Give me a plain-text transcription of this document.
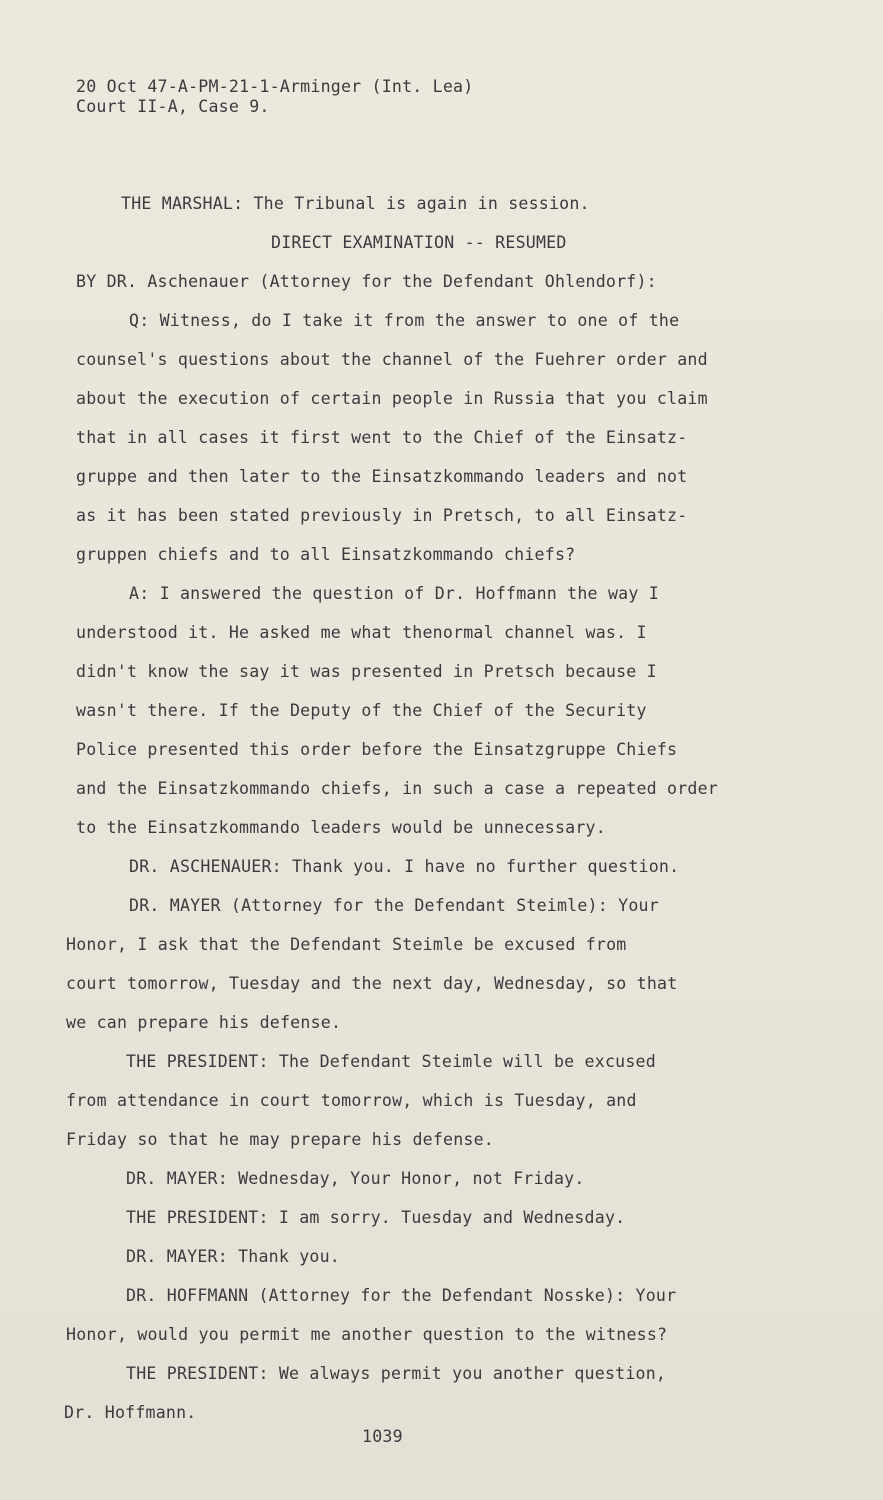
20 Oct 47-A-PM-21-1-Arminger (Int. Lea)

Court II-A, Case 9.

THE MARSHAL: The Tribunal is again in session.

DIRECT EXAMINATION -- RESUMED

BY DR. Aschenauer (Attorney for the Defendant Ohlendorf):

Q: Witness, do I take it from the answer to one of the

counsel's questions about the channel of the Fuehrer order and

about the execution of certain people in Russia that you claim

that in all cases it first went to the Chief of the Einsatz-

gruppe and then later to the Einsatzkommando leaders and not

as it has been stated previously in Pretsch, to all Einsatz-

gruppen chiefs and to all Einsatzkommando chiefs?

A: I answered the question of Dr. Hoffmann the way I

understood it. He asked me what thenormal channel was. I

didn't know the say it was presented in Pretsch because I

wasn't there. If the Deputy of the Chief of the Security

Police presented this order before the Einsatzgruppe Chiefs

and the Einsatzkommando chiefs, in such a case a repeated order

to the Einsatzkommando leaders would be unnecessary.

DR. ASCHENAUER: Thank you. I have no further question.

DR. MAYER (Attorney for the Defendant Steimle): Your

Honor, I ask that the Defendant Steimle be excused from

court tomorrow, Tuesday and the next day, Wednesday, so that

we can prepare his defense.

THE PRESIDENT: The Defendant Steimle will be excused

from attendance in court tomorrow, which is Tuesday, and

Friday so that he may prepare his defense.

DR. MAYER: Wednesday, Your Honor, not Friday.

THE PRESIDENT: I am sorry. Tuesday and Wednesday.

DR. MAYER: Thank you.

DR. HOFFMANN (Attorney for the Defendant Nosske): Your

Honor, would you permit me another question to the witness?

THE PRESIDENT: We always permit you another question,

Dr. Hoffmann.

1039
